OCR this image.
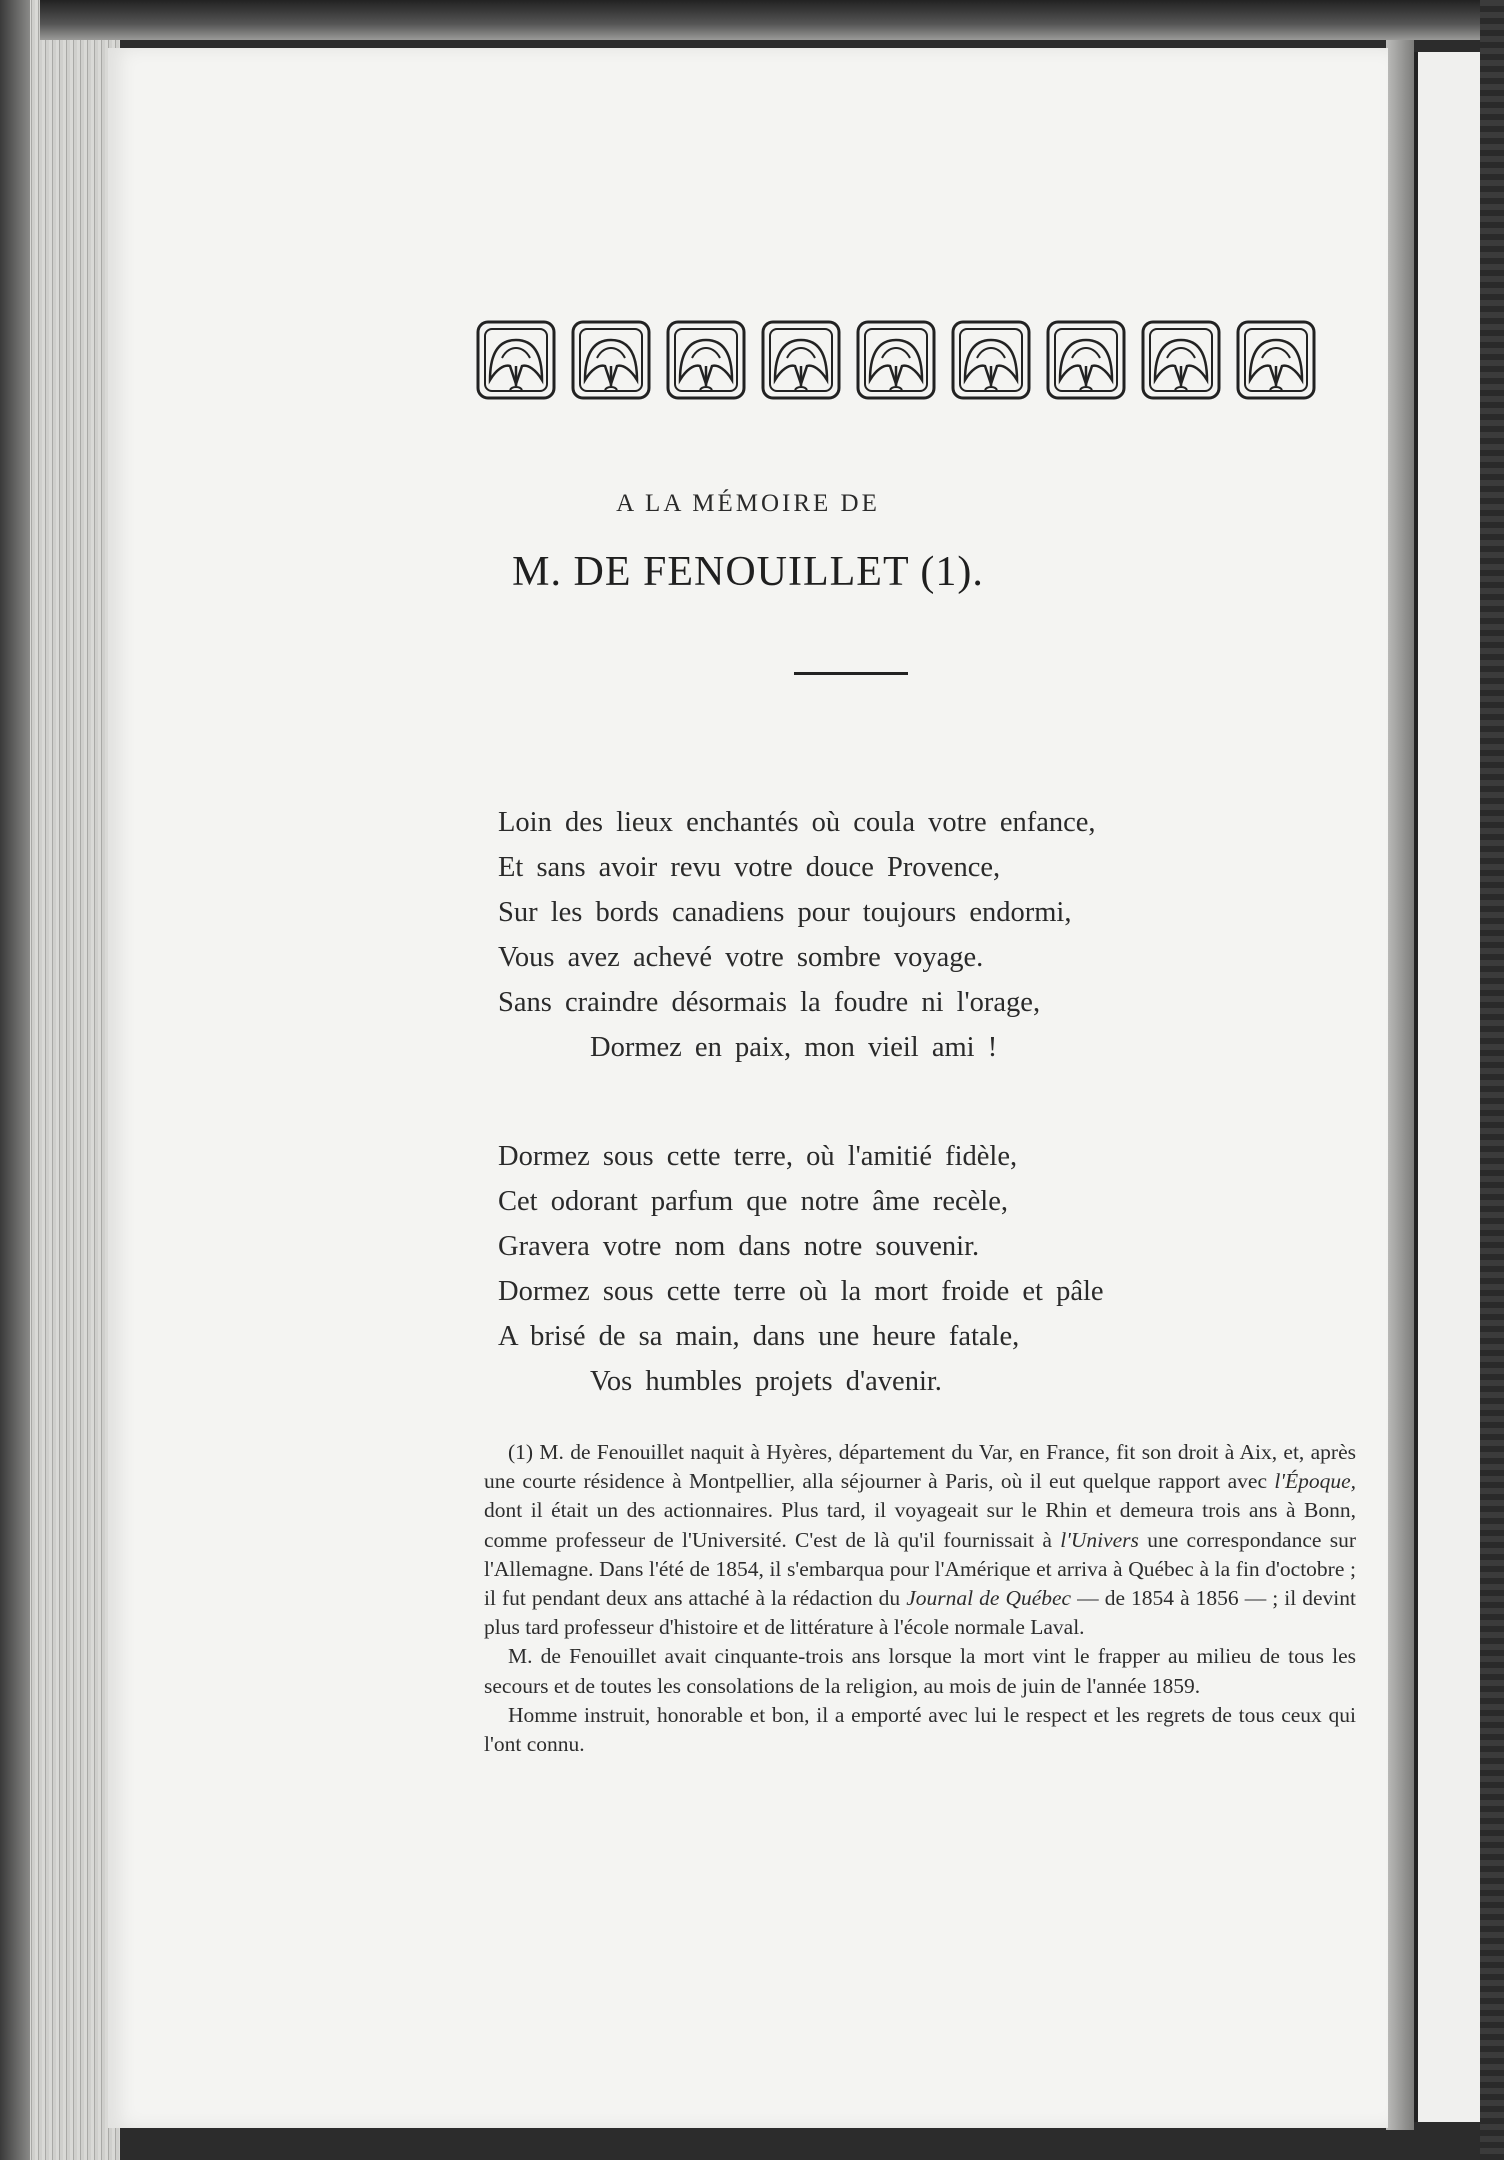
A LA MÉMOIRE DE
M. DE FENOUILLET (1).
Loin des lieux enchantés où coula votre enfance,
Et sans avoir revu votre douce Provence,
Sur les bords canadiens pour toujours endormi,
Vous avez achevé votre sombre voyage.
Sans craindre désormais la foudre ni l'orage,
Dormez en paix, mon vieil ami !
Dormez sous cette terre, où l'amitié fidèle,
Cet odorant parfum que notre âme recèle,
Gravera votre nom dans notre souvenir.
Dormez sous cette terre où la mort froide et pâle
A brisé de sa main, dans une heure fatale,
Vos humbles projets d'avenir.

(1) M. de Fenouillet naquit à Hyères, département du Var, en France, fit son droit à Aix, et, après une courte résidence à Montpellier, alla séjourner à Paris, où il eut quelque rapport avec l'Époque, dont il était un des actionnaires. Plus tard, il voyageait sur le Rhin et demeura trois ans à Bonn, comme professeur de l'Université. C'est de là qu'il fournissait à l'Univers une correspondance sur l'Allemagne. Dans l'été de 1854, il s'embarqua pour l'Amérique et arriva à Québec à la fin d'octobre ; il fut pendant deux ans attaché à la rédaction du Journal de Québec — de 1854 à 1856 — ; il devint plus tard professeur d'histoire et de littérature à l'école normale Laval.

M. de Fenouillet avait cinquante-trois ans lorsque la mort vint le frapper au milieu de tous les secours et de toutes les consolations de la religion, au mois de juin de l'année 1859.

Homme instruit, honorable et bon, il a emporté avec lui le respect et les regrets de tous ceux qui l'ont connu.
